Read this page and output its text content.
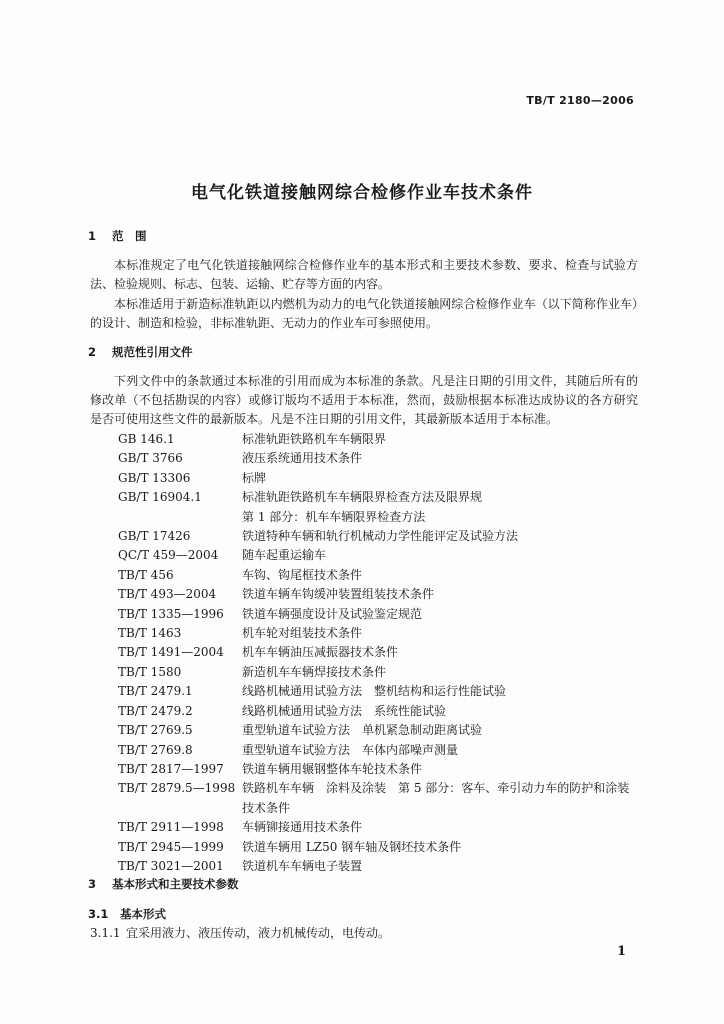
TB/T 2180—2006
电气化铁道接触网综合检修作业车技术条件
1 范　围
本标准规定了电气化铁道接触网综合检修作业车的基本形式和主要技术参数、要求、检查与试验方法、检验规则、标志、包装、运输、贮存等方面的内容。
本标准适用于新造标准轨距以内燃机为动力的电气化铁道接触网综合检修作业车（以下简称作业车）的设计、制造和检验，非标准轨距、无动力的作业车可参照使用。
2 规范性引用文件
下列文件中的条款通过本标准的引用而成为本标准的条款。凡是注日期的引用文件，其随后所有的修改单（不包括勘误的内容）或修订版均不适用于本标准，然而，鼓励根据本标准达成协议的各方研究是否可使用这些文件的最新版本。凡是不注日期的引用文件，其最新版本适用于本标准。
GB 146.1	标准轨距铁路机车车辆限界
GB/T 3766	液压系统通用技术条件
GB/T 13306	标牌
GB/T 16904.1	标准轨距铁路机车车辆限界检查方法及限界规
第 1 部分：机车车辆限界检查方法
GB/T 17426	铁道特种车辆和轨行机械动力学性能评定及试验方法
QC/T 459—2004	随车起重运输车
TB/T 456	车钩、钩尾框技术条件
TB/T 493—2004	铁道车辆车钩缓冲装置组装技术条件
TB/T 1335—1996	铁道车辆强度设计及试验鉴定规范
TB/T 1463	机车轮对组装技术条件
TB/T 1491—2004	机车车辆油压减振器技术条件
TB/T 1580	新造机车车辆焊接技术条件
TB/T 2479.1	线路机械通用试验方法　整机结构和运行性能试验
TB/T 2479.2	线路机械通用试验方法　系统性能试验
TB/T 2769.5	重型轨道车试验方法　单机紧急制动距离试验
TB/T 2769.8	重型轨道车试验方法　车体内部噪声测量
TB/T 2817—1997	铁道车辆用辗钢整体车轮技术条件
TB/T 2879.5—1998 铁路机车车辆　涂料及涂装　第 5 部分：客车、牵引动力车的防护和涂装
技术条件
TB/T 2911—1998	车辆铆接通用技术条件
TB/T 2945—1999	铁道车辆用 LZ50 钢车轴及钢坯技术条件
TB/T 3021—2001	铁道机车车辆电子装置
3 基本形式和主要技术参数
3.1 基本形式
3.1.1 宜采用液力、液压传动，液力机械传动，电传动。
1
